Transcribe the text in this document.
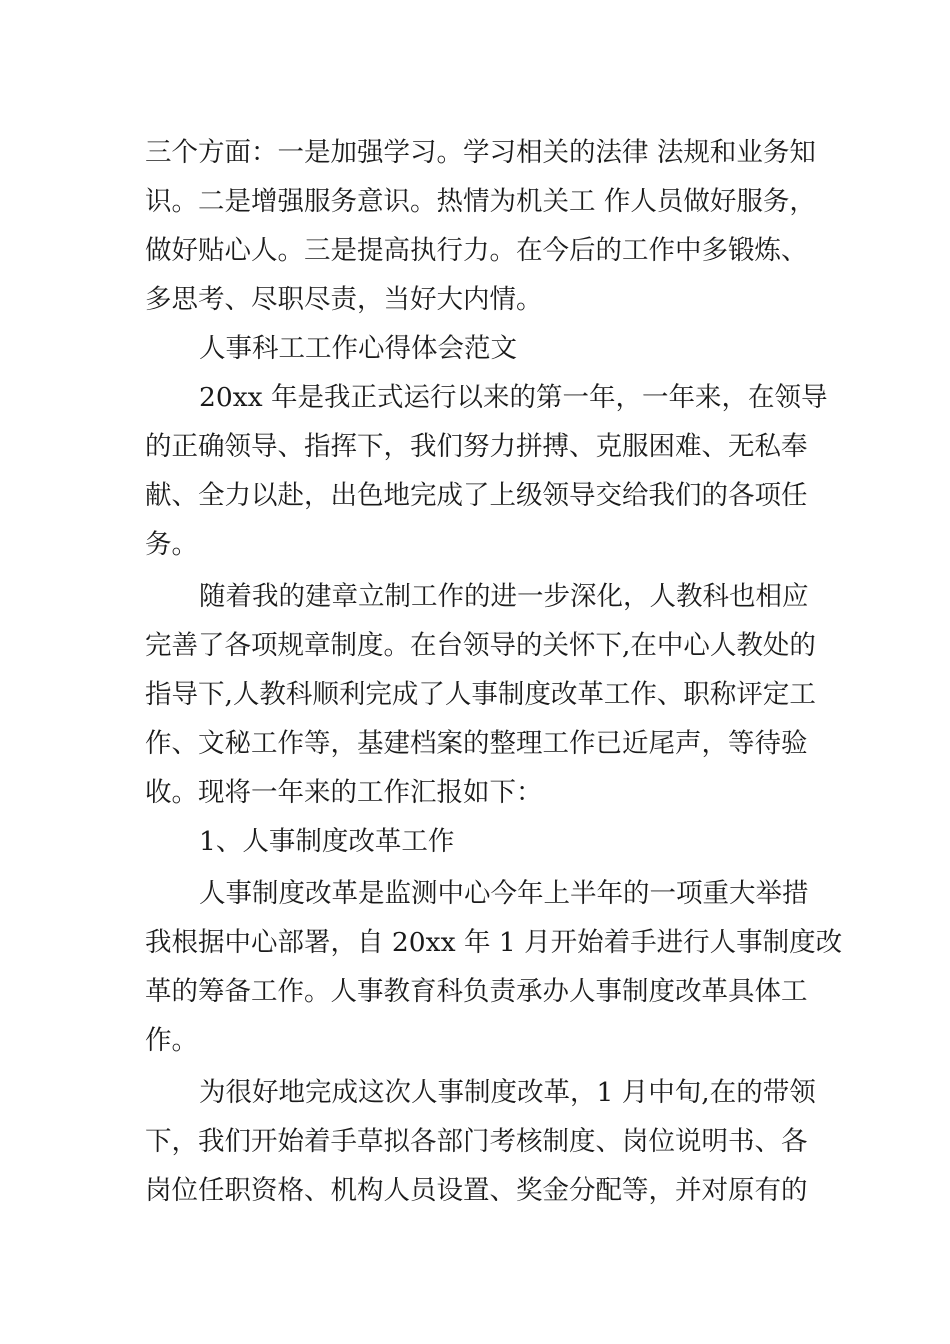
三个方面：一是加强学习。学习相关的法律 法规和业务知
识。二是增强服务意识。热情为机关工 作人员做好服务，
做好贴心人。三是提高执行力。在今后的工作中多锻炼、
多思考、尽职尽责，当好大内情。
人事科工工作心得体会范文
20xx 年是我正式运行以来的第一年，一年来，在领导
的正确领导、指挥下，我们努力拼搏、克服困难、无私奉
献、全力以赴，出色地完成了上级领导交给我们的各项任
务。
随着我的建章立制工作的进一步深化，人教科也相应
完善了各项规章制度。在台领导的关怀下,在中心人教处的
指导下,人教科顺利完成了人事制度改革工作、职称评定工
作、文秘工作等，基建档案的整理工作已近尾声，等待验
收。现将一年来的工作汇报如下：
1、人事制度改革工作
人事制度改革是监测中心今年上半年的一项重大举措
我根据中心部署，自 20xx 年 1 月开始着手进行人事制度改
革的筹备工作。人事教育科负责承办人事制度改革具体工
作。
为很好地完成这次人事制度改革，1 月中旬,在的带领
下，我们开始着手草拟各部门考核制度、岗位说明书、各
岗位任职资格、机构人员设置、奖金分配等，并对原有的
